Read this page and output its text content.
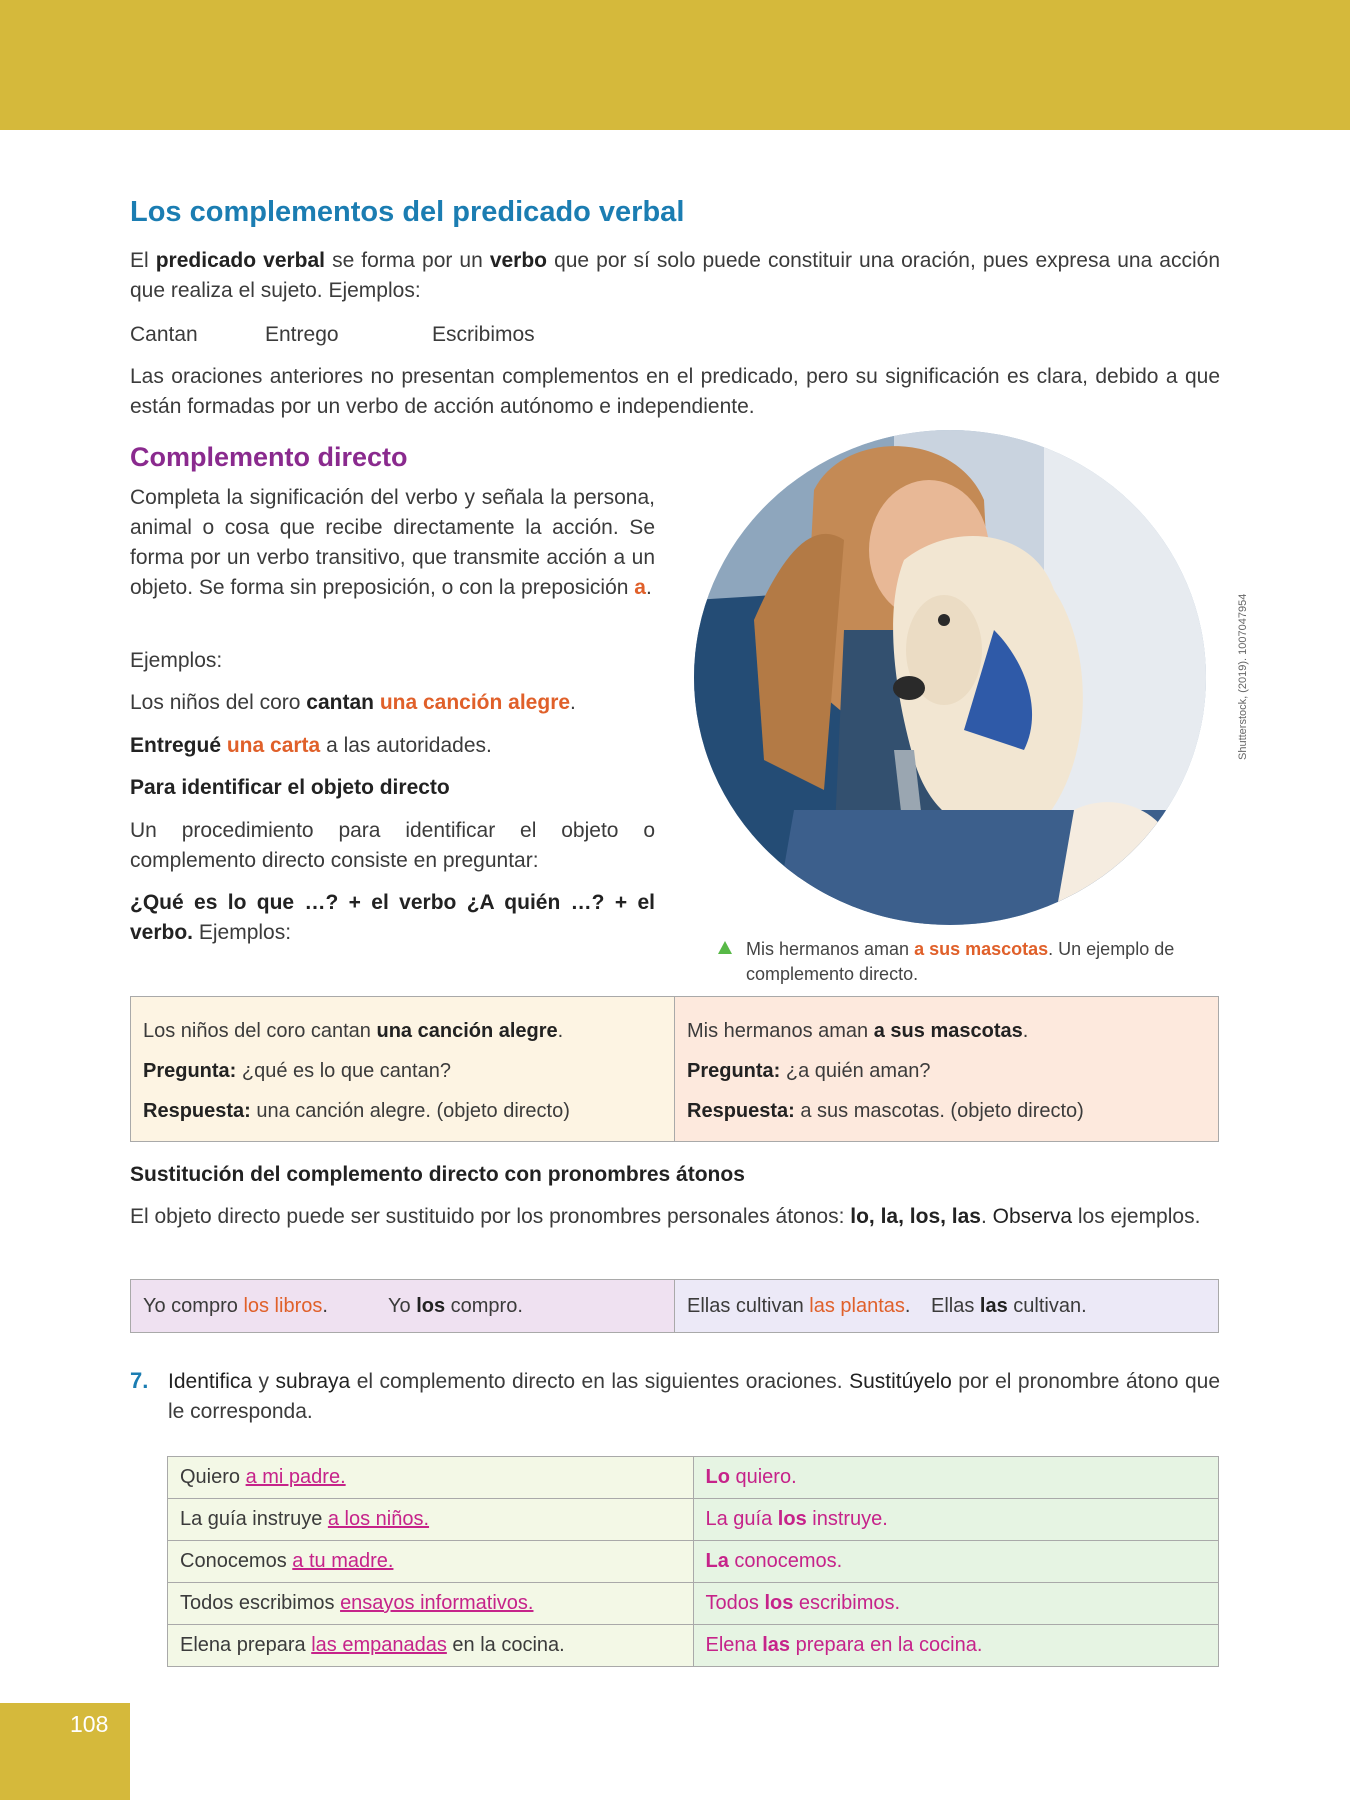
Los complementos del predicado verbal
El predicado verbal se forma por un verbo que por sí solo puede constituir una oración, pues expresa una acción que realiza el sujeto. Ejemplos:
Cantan	Entrego	Escribimos
Las oraciones anteriores no presentan complementos en el predicado, pero su significación es clara, debido a que están formadas por un verbo de acción autónomo e independiente.
Complemento directo
Completa la significación del verbo y señala la persona, animal o cosa que recibe directamente la acción. Se forma por un verbo transitivo, que transmite acción a un objeto. Se forma sin preposición, o con la preposición a.
Ejemplos:
Los niños del coro cantan una canción alegre.
Entregué una carta a las autoridades.
Para identificar el objeto directo
Un procedimiento para identificar el objeto o complemento directo consiste en preguntar:
¿Qué es lo que …? + el verbo ¿A quién …? + el verbo. Ejemplos:
Shutterstock, (2019). 1007047954
Mis hermanos aman a sus mascotas. Un ejemplo de complemento directo.
Los niños del coro cantan una canción alegre.
Pregunta: ¿qué es lo que cantan?
Respuesta: una canción alegre. (objeto directo)

Mis hermanos aman a sus mascotas.
Pregunta: ¿a quién aman?
Respuesta: a sus mascotas. (objeto directo)
Sustitución del complemento directo con pronombres átonos
El objeto directo puede ser sustituido por los pronombres personales átonos: lo, la, los, las. Observa los ejemplos.
Yo compro los libros.	Yo los compro.	Ellas cultivan las plantas. Ellas las cultivan.
7. Identifica y subraya el complemento directo en las siguientes oraciones. Sustitúyelo por el pronombre átono que le corresponda.
Quiero a mi padre.	Lo quiero.
La guía instruye a los niños.	La guía los instruye.
Conocemos a tu madre.	La conocemos.
Todos escribimos ensayos informativos.	Todos los escribimos.
Elena prepara las empanadas en la cocina.	Elena las prepara en la cocina.
108
